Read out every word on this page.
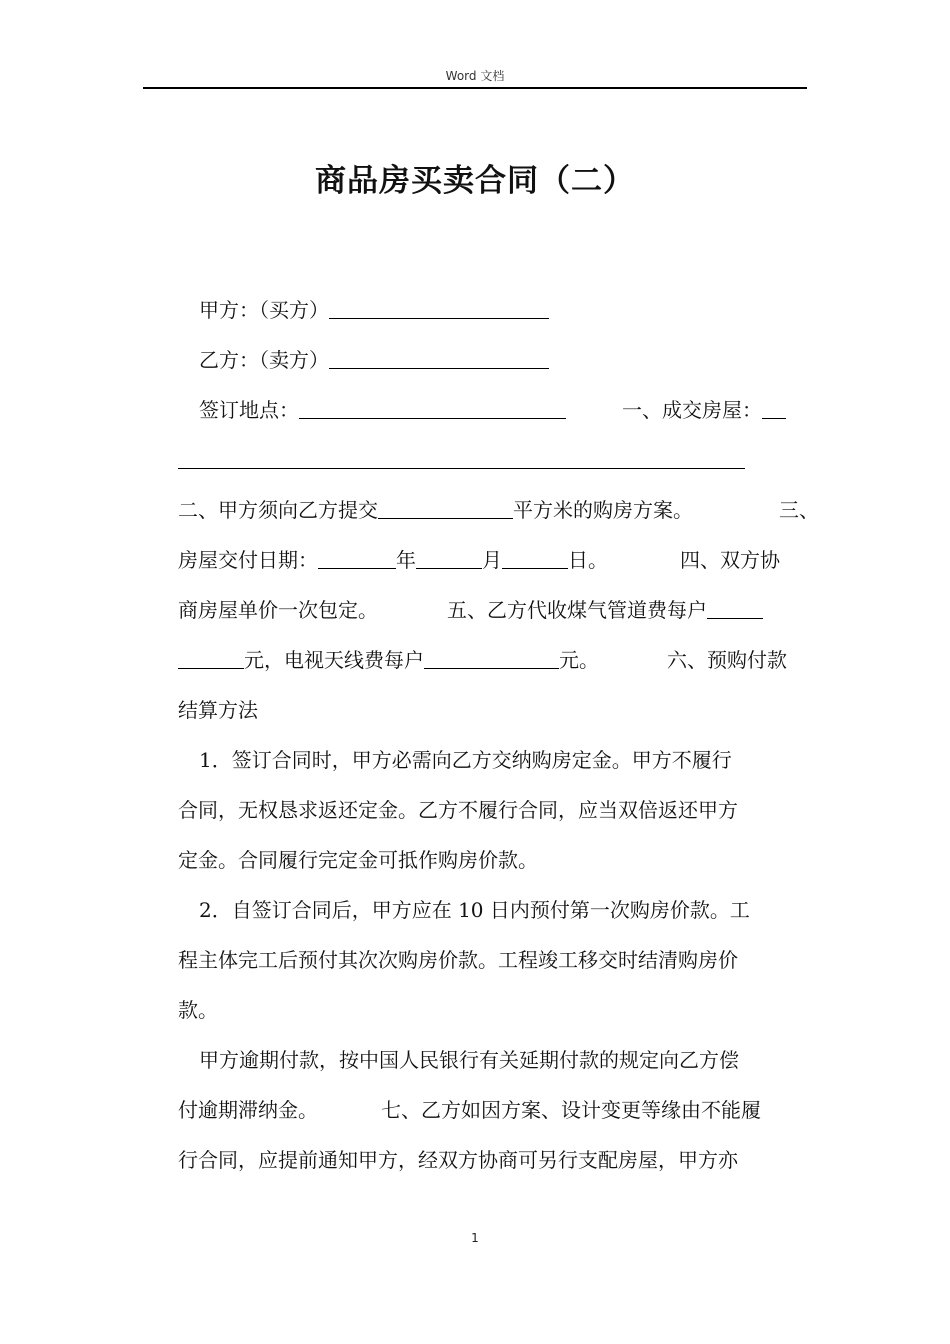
Word 文档
商品房买卖合同（二）
甲方：（买方）
乙方：（卖方）
签订地点：	一、成交房屋：
二、甲方须向乙方提交	平方米的购房方案。	三、
房屋交付日期：	年	月	日。	四、双方协
商房屋单价一次包定。	五、乙方代收煤气管道费每户
元，电视天线费每户	元。	六、预购付款
结算方法
1．签订合同时，甲方必需向乙方交纳购房定金。甲方不履行
合同，无权恳求返还定金。乙方不履行合同，应当双倍返还甲方
定金。合同履行完定金可抵作购房价款。
2．自签订合同后，甲方应在 10 日内预付第一次购房价款。工
程主体完工后预付其次次购房价款。工程竣工移交时结清购房价
款。
甲方逾期付款，按中国人民银行有关延期付款的规定向乙方偿
付逾期滞纳金。	七、乙方如因方案、设计变更等缘由不能履
行合同，应提前通知甲方，经双方协商可另行支配房屋，甲方亦
1
